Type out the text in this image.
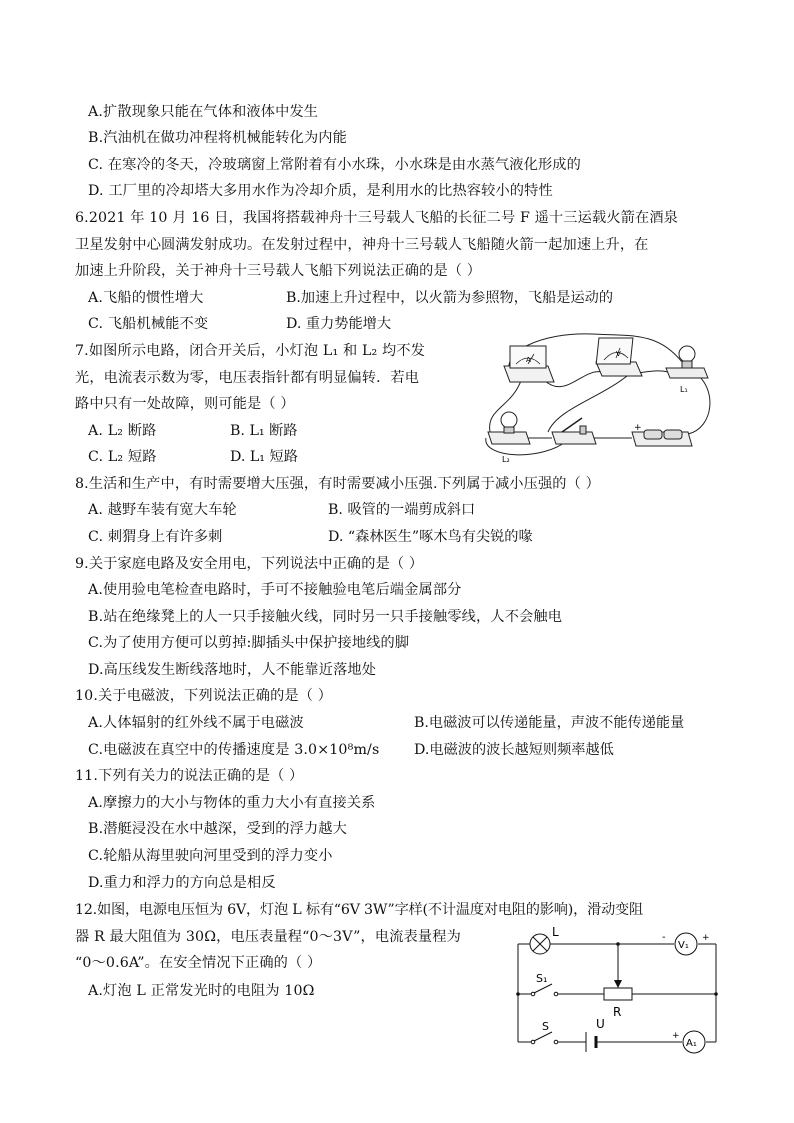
A.扩散现象只能在气体和液体中发生
B.汽油机在做功冲程将机械能转化为内能
C. 在寒冷的冬天，冷玻璃窗上常附着有小水珠，小水珠是由水蒸气液化形成的
D. 工厂里的冷却塔大多用水作为冷却介质，是利用水的比热容较小的特性
6.2021 年 10 月 16 日，我国将搭载神舟十三号载人飞船的长征二号 F 遥十三运载火箭在酒泉
卫星发射中心圆满发射成功。在发射过程中，神舟十三号载人飞船随火箭一起加速上升，在
加速上升阶段，关于神舟十三号载人飞船下列说法正确的是（ ）
A.飞船的惯性增大
C. 飞船机械能不变
7.如图所示电路，闭合开关后，小灯泡 L₁ 和 L₂ 均不发
光，电流表示数为零，电压表指针都有明显偏转．若电
路中只有一处故障，则可能是（ ）
A. L₂ 断路
C. L₂ 短路
8.生活和生产中，有时需要增大压强，有时需要减小压强.下列属于减小压强的（ ）
A. 越野车装有宽大车轮
C. 刺猬身上有许多刺
9.关于家庭电路及安全用电，下列说法中正确的是（ ）
A.使用验电笔检查电路时，手可不接触验电笔后端金属部分
B.站在绝缘凳上的人一只手接触火线，同时另一只手接触零线，人不会触电
C.为了使用方便可以剪掉:脚插头中保护接地线的脚
D.高压线发生断线落地时，人不能靠近落地处
10.关于电磁波，下列说法正确的是（ ）
A.人体辐射的红外线不属于电磁波
C.电磁波在真空中的传播速度是 3.0×10⁸m/s
11.下列有关力的说法正确的是（ ）
A.摩擦力的大小与物体的重力大小有直接关系
B.潜艇浸没在水中越深，受到的浮力越大
C.轮船从海里驶向河里受到的浮力变小
D.重力和浮力的方向总是相反
12.如图，电源电压恒为 6V，灯泡 L 标有“6V 3W”字样(不计温度对电阻的影响)，滑动变阻
器 R 最大阻值为 30Ω，电压表量程“0～3V”，电流表量程为
“0～0.6A”。在安全情况下正确的（ ）
A.灯泡 L 正常发光时的电阻为 10Ω
B.加速上升过程中，以火箭为参照物，飞船是运动的
D. 重力势能增大
B. L₁ 断路
D. L₁ 短路
B. 吸管的一端剪成斜口
D. “森林医生”啄木鸟有尖锐的喙
B.电磁波可以传递能量，声波不能传递能量
D.电磁波的波长越短则频率越低
A
V
L₁
L₂
+
L
V₁
-	+
S₁
R
S	U
A₁
+
